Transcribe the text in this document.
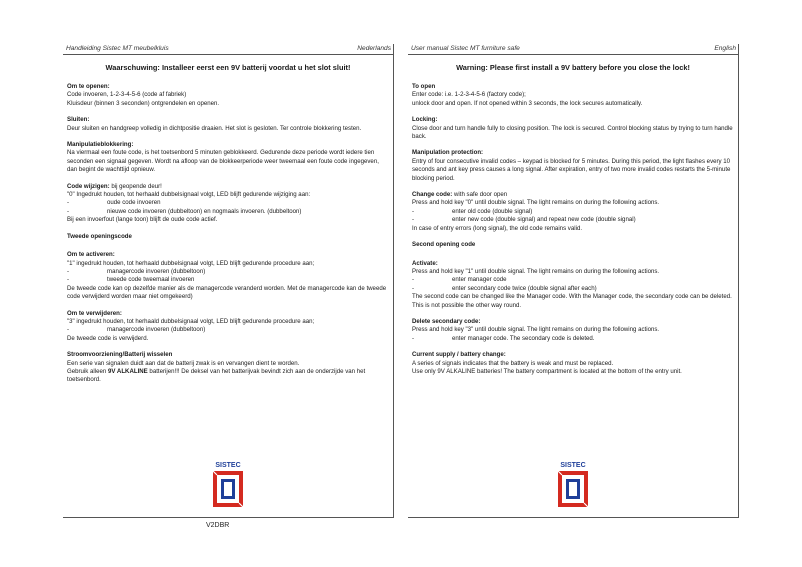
Handleiding Sistec MT meubelkluis	Nederlands
Waarschuwing: Installeer eerst een 9V batterij voordat u het slot sluit!
Om te openen:
Code invoeren, 1-2-3-4-5-6 (code af fabriek)
Kluisdeur (binnen 3 seconden) ontgrendelen en openen.
Sluiten:
Deur sluiten en handgreep volledig in dichtpositie draaien. Het slot is gesloten. Ter controle blokkering testen.
Manipulatieblokkering:
Na viermaal een foute code, is het toetsenbord 5 minuten geblokkeerd. Gedurende deze periode wordt iedere tien seconden een signaal gegeven. Wordt na afloop van de blokkeerperiode weer tweemaal een foute code ingegeven, dan begint de wachttijd opnieuw.
Code wijzigen: bij geopende deur!
"0" Ingedrukt houden, tot herhaald dubbelsignaal volgt, LED blijft gedurende wijziging aan:
-	oude code invoeren
-	nieuwe code invoeren (dubbeltoon) en nogmaals invoeren. (dubbeltoon)
Bij een invoerfout (lange toon) blijft de oude code actief.
Tweede openingscode
Om te activeren:
"1" ingedrukt houden, tot herhaald dubbelsignaal volgt, LED blijft gedurende procedure aan;
-	managercode invoeren (dubbeltoon)
-	tweede code tweemaal invoeren
De tweede code kan op dezelfde manier als de managercode veranderd worden. Met de managercode kan de tweede code verwijderd worden maar niet omgekeerd)
Om te verwijderen:
"3" ingedrukt houden, tot herhaald dubbelsignaal volgt, LED blijft gedurende procedure aan;
-	managercode invoeren (dubbeltoon)
De tweede code is verwijderd.
Stroomvoorziening/Batterij wisselen
Een serie van signalen duidt aan dat de batterij zwak is en vervangen dient te worden.
Gebruik alleen 9V ALKALINE batterijen!!! De deksel van het batterijvak bevindt zich aan de onderzijde van het toetsenbord.
SISTEC
User manual Sistec MT furniture safe	English
Warning: Please first install a 9V battery before you close the lock!
To open
Enter code: i.e. 1-2-3-4-5-6 (factory code);
unlock door and open. If not opened within 3 seconds, the lock secures automatically.
Locking:
Close door and turn handle fully to closing position. The lock is secured. Control blocking status by trying to turn handle back.
Manipulation protection:
Entry of four consecutive invalid codes – keypad is blocked for 5 minutes. During this period, the light flashes every 10 seconds and ant key press causes a long signal. After expiration, entry of two more invalid codes restarts the 5-minute blocking period.
Change code: with safe door open
Press and hold key "0" until double signal. The light remains on during the following actions.
-	enter old code (double signal)
-	enter new code (double signal) and repeat new code (double signal)
In case of entry errors (long signal), the old code remains valid.
Second opening code
Activate:
Press and hold key "1" until double signal. The light remains on during the following actions.
-	enter manager code
-	enter secondary code twice (double signal after each)
The second code can be changed like the Manager code. With the Manager code, the secondary code can be deleted. This is not possible the other way round.
Delete secondary code:
Press and hold key "3" until double signal. The light remains on during the following actions.
-	enter manager code. The secondary code is deleted.
Current supply / battery change:
A series of signals indicates that the battery is weak and must be replaced.
Use only 9V ALKALINE batteries! The battery compartment is located at the bottom of the entry unit.
SISTEC
V2DBR
